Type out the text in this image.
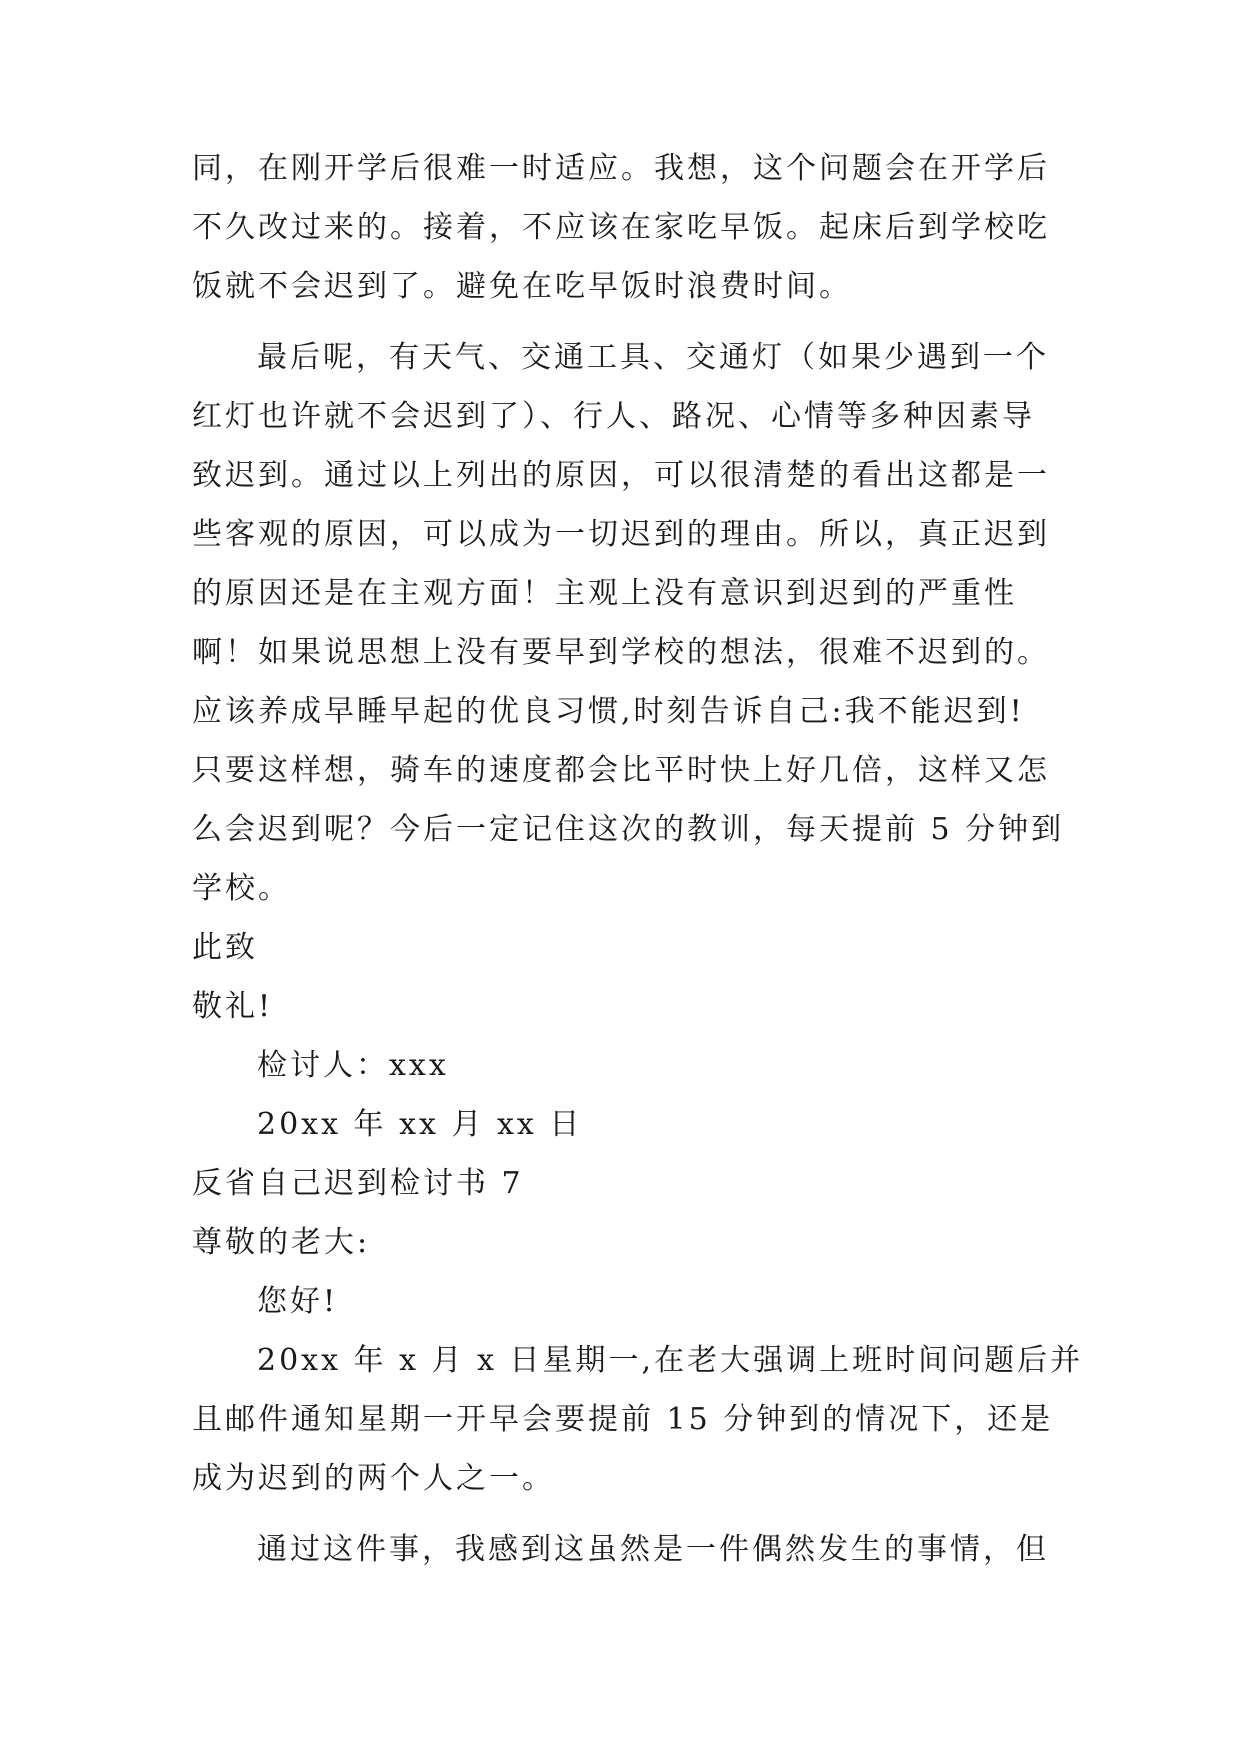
同，在刚开学后很难一时适应。我想，这个问题会在开学后
不久改过来的。接着，不应该在家吃早饭。起床后到学校吃
饭就不会迟到了。避免在吃早饭时浪费时间。
最后呢，有天气、交通工具、交通灯（如果少遇到一个
红灯也许就不会迟到了）、行人、路况、心情等多种因素导
致迟到。通过以上列出的原因，可以很清楚的看出这都是一
些客观的原因，可以成为一切迟到的理由。所以，真正迟到
的原因还是在主观方面！主观上没有意识到迟到的严重性
啊！如果说思想上没有要早到学校的想法，很难不迟到的。
应该养成早睡早起的优良习惯,时刻告诉自己:我不能迟到!
只要这样想，骑车的速度都会比平时快上好几倍，这样又怎
么会迟到呢？今后一定记住这次的教训，每天提前 5 分钟到
学校。
此致
敬礼!
检讨人：xxx
20xx 年 xx 月 xx 日
反省自己迟到检讨书 7
尊敬的老大:
您好!
20xx 年 x 月 x 日星期一,在老大强调上班时间问题后并
且邮件通知星期一开早会要提前 15 分钟到的情况下，还是
成为迟到的两个人之一。
通过这件事，我感到这虽然是一件偶然发生的事情，但
